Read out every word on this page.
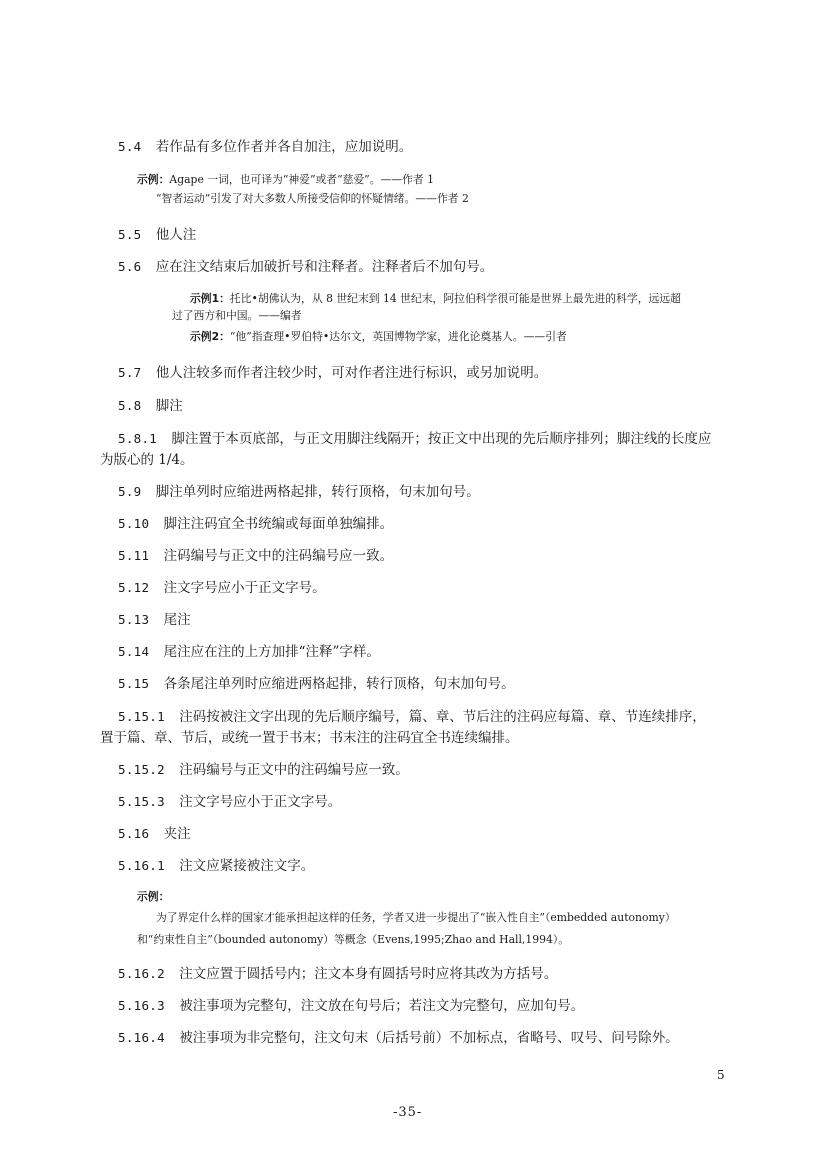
5.4 若作品有多位作者并各自加注，应加说明。
示例：Agape 一词，也可译为“神爱”或者“慈爱”。——作者 1
“智者运动”引发了对大多数人所接受信仰的怀疑情绪。——作者 2
5.5 他人注
5.6 应在注文结束后加破折号和注释者。注释者后不加句号。
示例1：托比•胡佛认为，从 8 世纪末到 14 世纪末，阿拉伯科学很可能是世界上最先进的科学，远远超
过了西方和中国。——编者
示例2：“他”指查理•罗伯特•达尔文，英国博物学家，进化论奠基人。——引者
5.7 他人注较多而作者注较少时，可对作者注进行标识，或另加说明。
5.8 脚注
5.8.1 脚注置于本页底部，与正文用脚注线隔开；按正文中出现的先后顺序排列；脚注线的长度应
为版心的 1/4。
5.9 脚注单列时应缩进两格起排，转行顶格，句末加句号。
5.10 脚注注码宜全书统编或每面单独编排。
5.11 注码编号与正文中的注码编号应一致。
5.12 注文字号应小于正文字号。
5.13 尾注
5.14 尾注应在注的上方加排“注释”字样。
5.15 各条尾注单列时应缩进两格起排，转行顶格，句末加句号。
5.15.1 注码按被注文字出现的先后顺序编号，篇、章、节后注的注码应每篇、章、节连续排序，
置于篇、章、节后，或统一置于书末；书末注的注码宜全书连续编排。
5.15.2 注码编号与正文中的注码编号应一致。
5.15.3 注文字号应小于正文字号。
5.16 夹注
5.16.1 注文应紧接被注文字。
示例：
为了界定什么样的国家才能承担起这样的任务，学者又进一步提出了“嵌入性自主”（embedded autonomy）
和“约束性自主”（bounded autonomy）等概念（Evens,1995;Zhao and Hall,1994）。
5.16.2 注文应置于圆括号内；注文本身有圆括号时应将其改为方括号。
5.16.3 被注事项为完整句，注文放在句号后；若注文为完整句，应加句号。
5.16.4 被注事项为非完整句，注文句末（后括号前）不加标点，省略号、叹号、问号除外。
5
-35-
